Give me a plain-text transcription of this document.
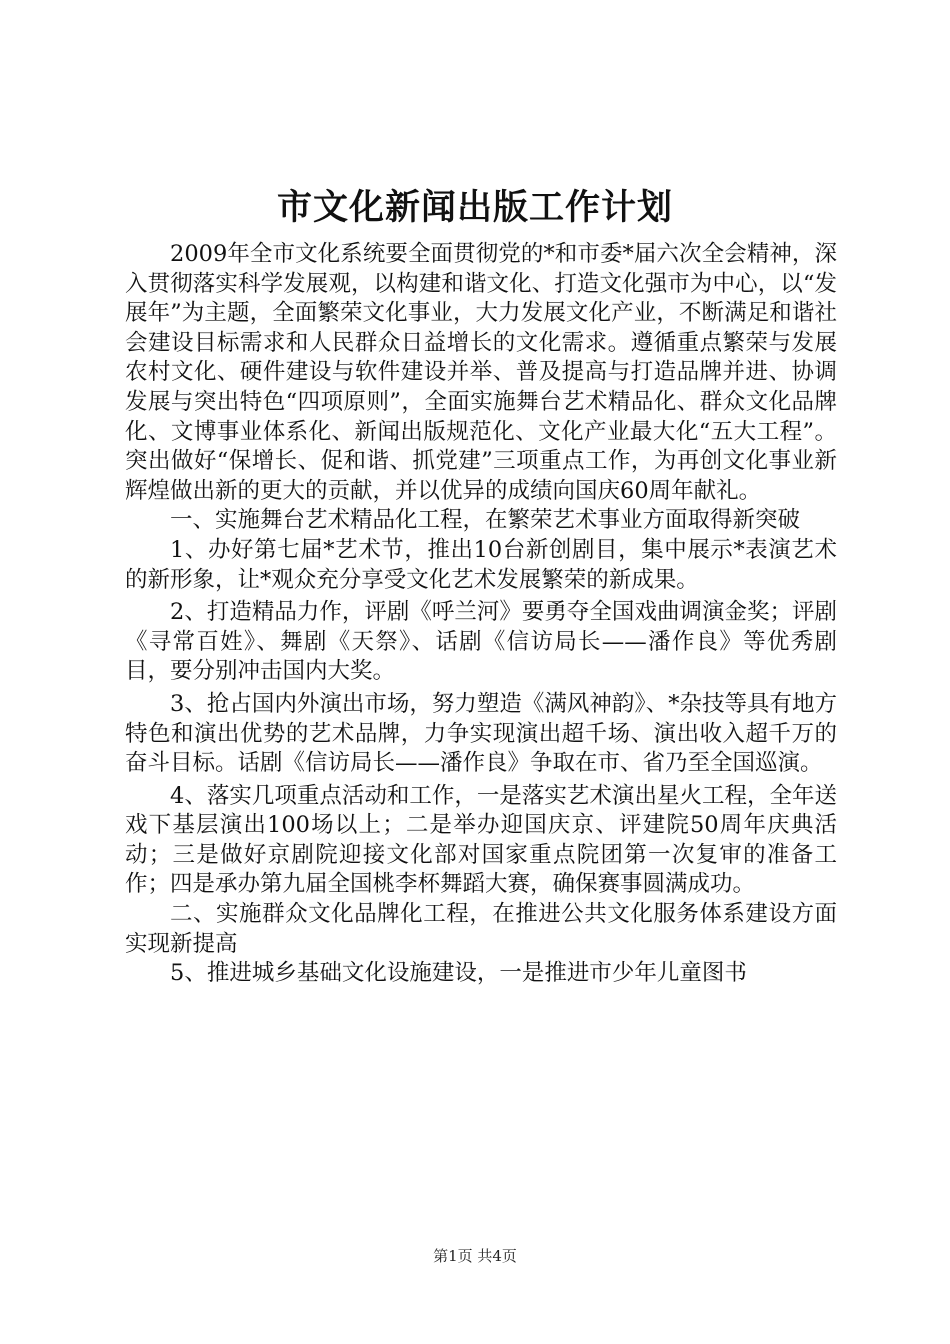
市文化新闻出版工作计划

2009年全市文化系统要全面贯彻党的*和市委*届六次全会精神，深入贯彻落实科学发展观，以构建和谐文化、打造文化强市为中心，以“发展年”为主题，全面繁荣文化事业，大力发展文化产业，不断满足和谐社会建设目标需求和人民群众日益增长的文化需求。遵循重点繁荣与发展农村文化、硬件建设与软件建设并举、普及提高与打造品牌并进、协调发展与突出特色“四项原则”，全面实施舞台艺术精品化、群众文化品牌化、文博事业体系化、新闻出版规范化、文化产业最大化“五大工程”。突出做好“保增长、促和谐、抓党建”三项重点工作，为再创文化事业新辉煌做出新的更大的贡献，并以优异的成绩向国庆60周年献礼。

一、实施舞台艺术精品化工程，在繁荣艺术事业方面取得新突破

1、办好第七届*艺术节，推出10台新创剧目，集中展示*表演艺术的新形象，让*观众充分享受文化艺术发展繁荣的新成果。

2、打造精品力作，评剧《呼兰河》要勇夺全国戏曲调演金奖；评剧《寻常百姓》、舞剧《天祭》、话剧《信访局长——潘作良》等优秀剧目，要分别冲击国内大奖。

3、抢占国内外演出市场，努力塑造《满风神韵》、*杂技等具有地方特色和演出优势的艺术品牌，力争实现演出超千场、演出收入超千万的奋斗目标。话剧《信访局长——潘作良》争取在市、省乃至全国巡演。

4、落实几项重点活动和工作，一是落实艺术演出星火工程，全年送戏下基层演出100场以上；二是举办迎国庆京、评建院50周年庆典活动；三是做好京剧院迎接文化部对国家重点院团第一次复审的准备工作；四是承办第九届全国桃李杯舞蹈大赛，确保赛事圆满成功。

二、实施群众文化品牌化工程，在推进公共文化服务体系建设方面实现新提高

5、推进城乡基础文化设施建设，一是推进市少年儿童图书

第1页 共4页
